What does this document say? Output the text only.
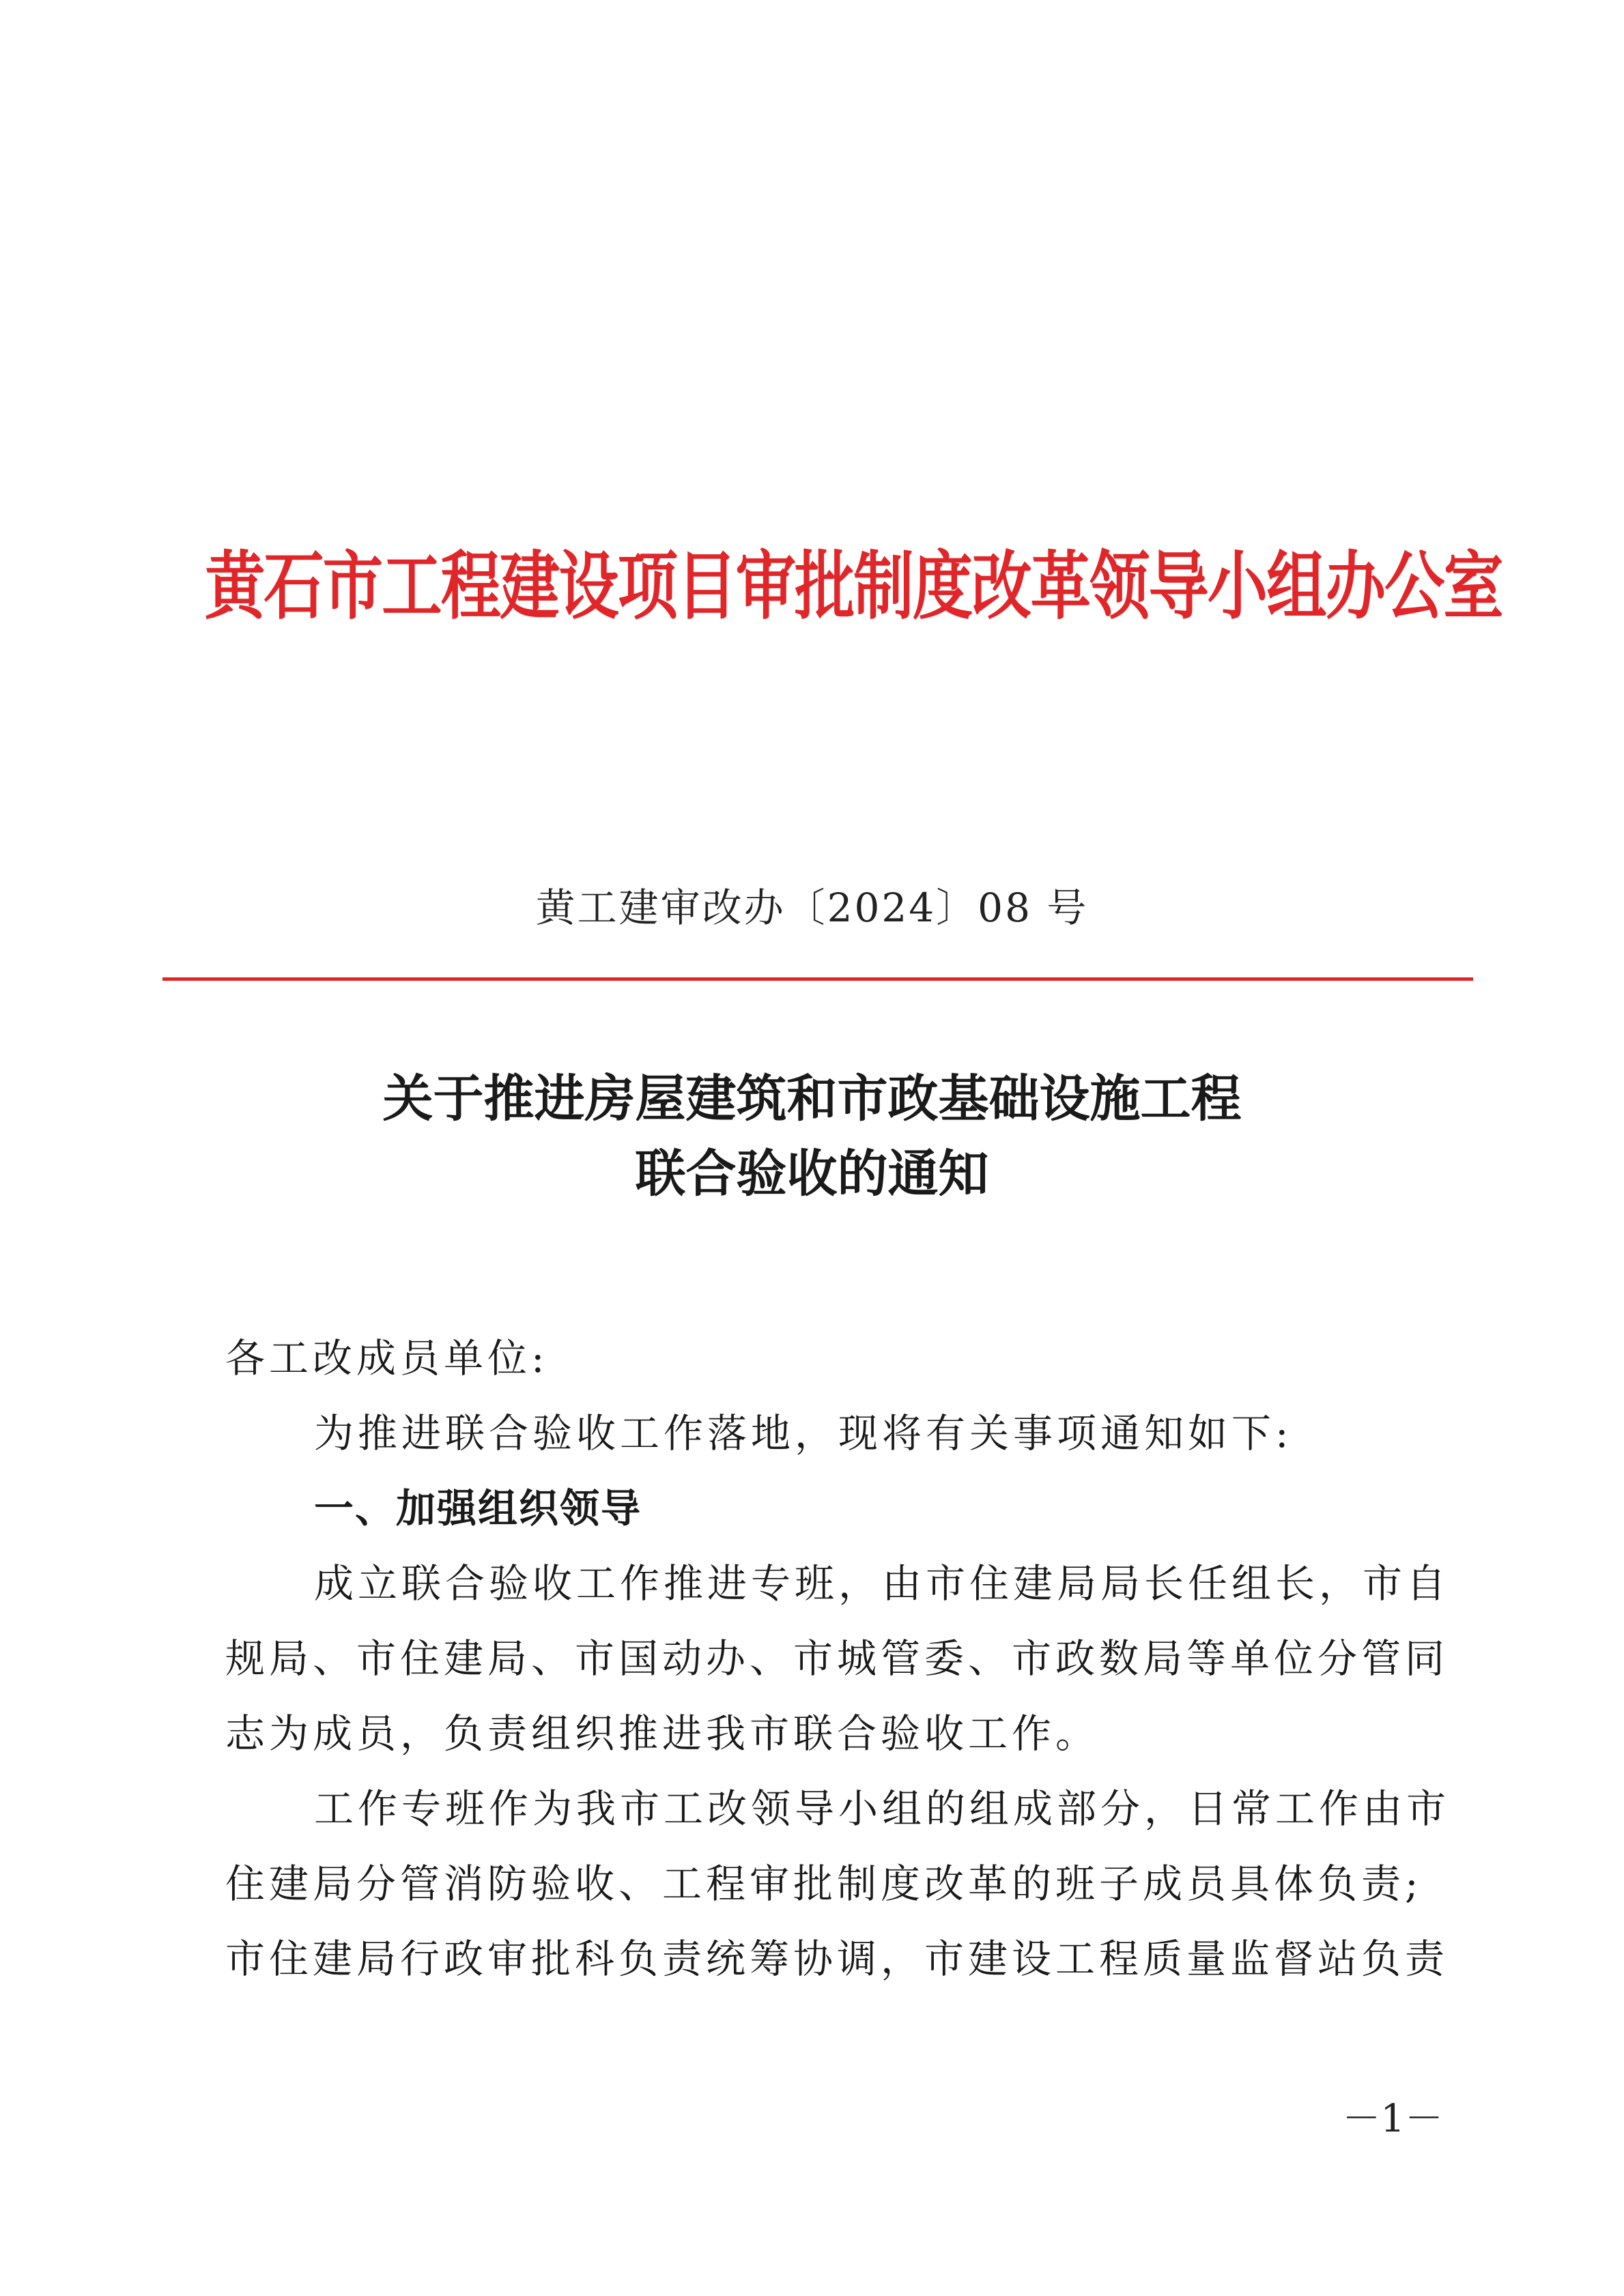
黄石市工程建设项目审批制度改革领导小组办公室
黄工建审改办〔2024〕08 号
关于推进房屋建筑和市政基础设施工程
联合验收的通知
各工改成员单位:
为推进联合验收工作落地，现将有关事项通知如下:
一、加强组织领导
成立联合验收工作推进专班，由市住建局局长任组长，市自
规局、市住建局、市国动办、市城管委、市政数局等单位分管同
志为成员，负责组织推进我市联合验收工作。
工作专班作为我市工改领导小组的组成部分，日常工作由市
住建局分管消防验收、工程审批制度改革的班子成员具体负责;
市住建局行政审批科负责统筹协调，市建设工程质量监督站负责
－1－
